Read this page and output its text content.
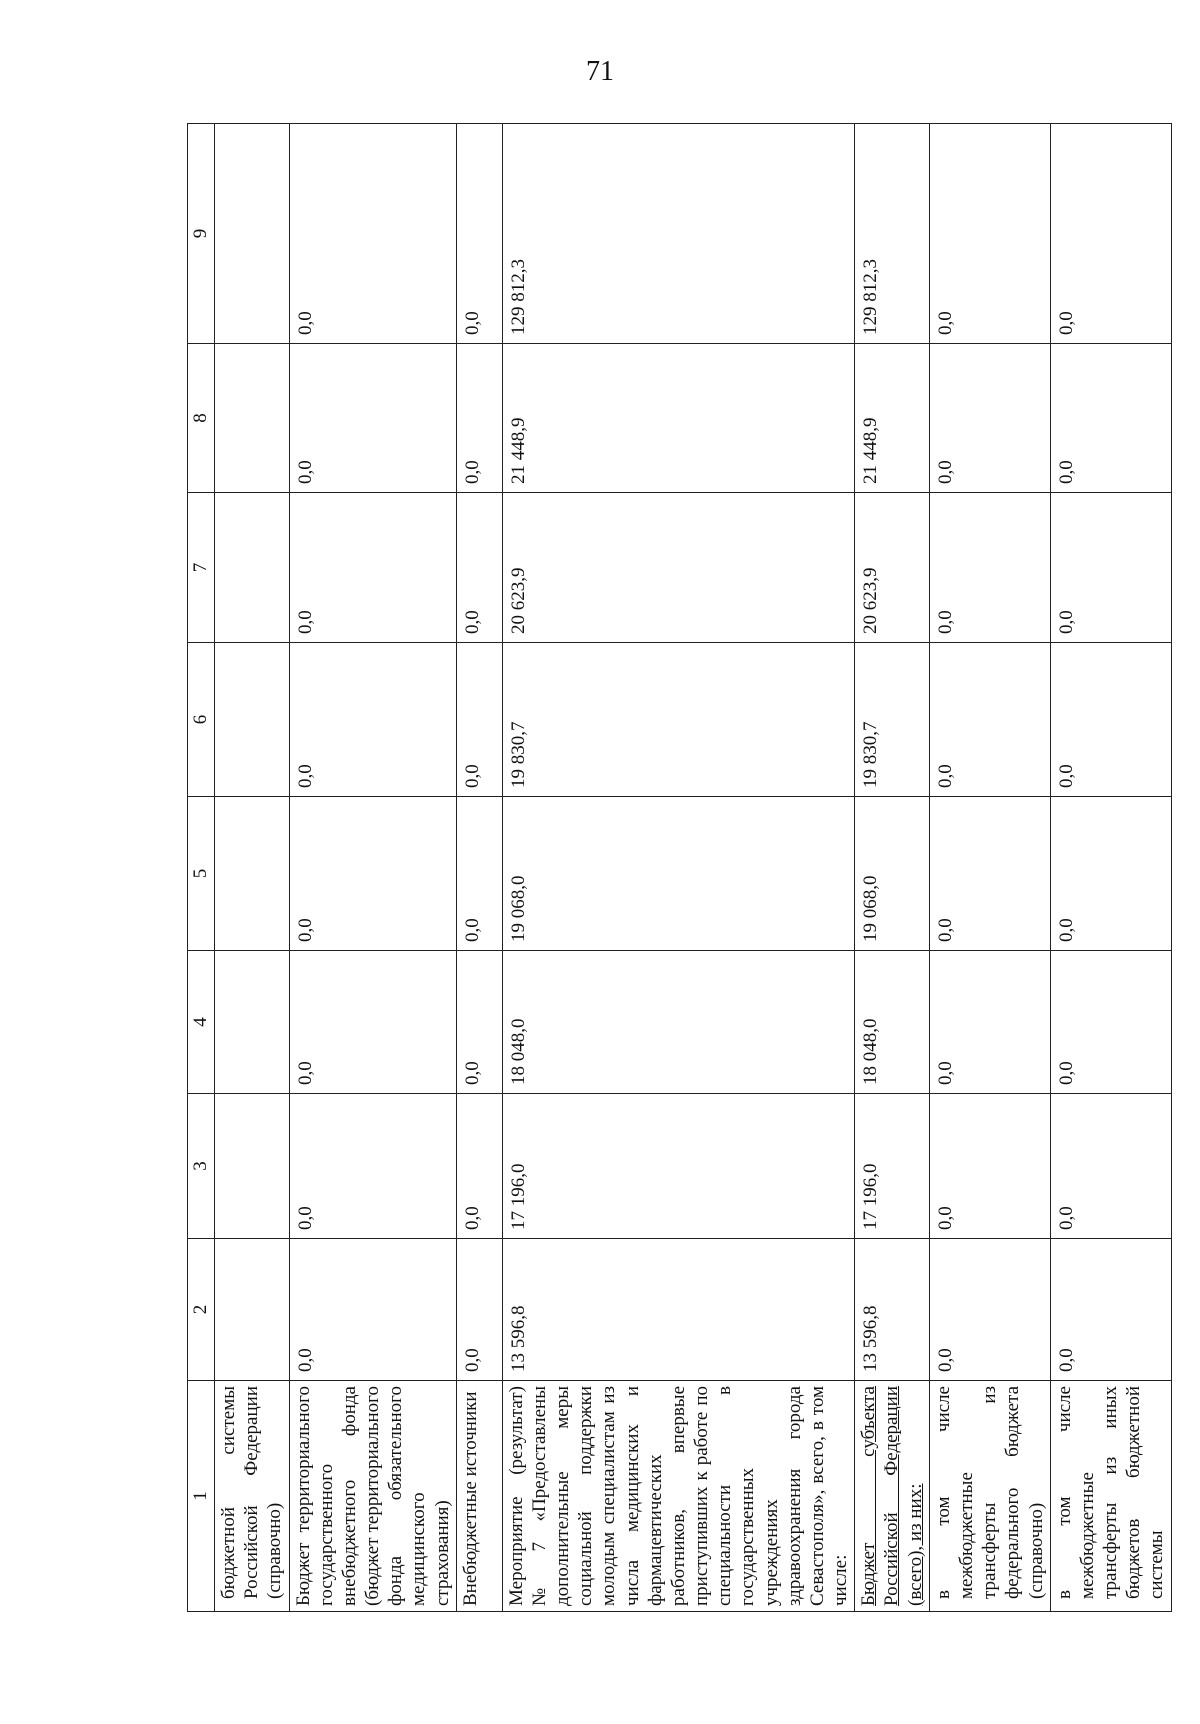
71
1	2	3	4	5	6	7	8	9
бюджетной системы Российской Федерации (справочно)								
Бюджет территориального государственного внебюджетного фонда (бюджет территориального фонда обязательного медицинского страхования)	0,0	0,0	0,0	0,0	0,0	0,0	0,0	0,0
Внебюджетные источники	0,0	0,0	0,0	0,0	0,0	0,0	0,0	0,0
Мероприятие (результат) № 7 «Предоставлены дополнительные меры социальной поддержки молодым специалистам из числа медицинских и фармацевтических работников, впервые приступивших к работе по специальности в государственных учреждениях здравоохранения города Севастополя», всего, в том числе:	13 596,8	17 196,0	18 048,0	19 068,0	19 830,7	20 623,9	21 448,9	129 812,3
Бюджет субъекта Российской Федерации (всего), из них:	13 596,8	17 196,0	18 048,0	19 068,0	19 830,7	20 623,9	21 448,9	129 812,3
в том числе межбюджетные трансферты из федерального бюджета (справочно)	0,0	0,0	0,0	0,0	0,0	0,0	0,0	0,0
в том числе межбюджетные трансферты из иных бюджетов бюджетной системы	0,0	0,0	0,0	0,0	0,0	0,0	0,0	0,0
